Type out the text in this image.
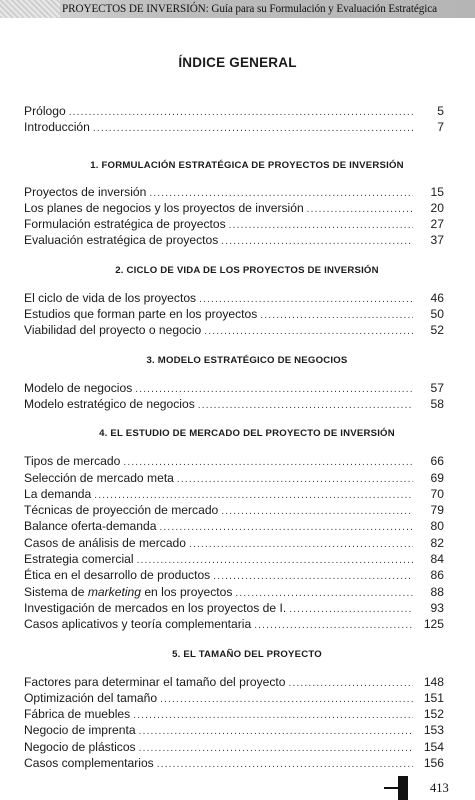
PROYECTOS DE INVERSIÓN: Guía para su Formulación y Evaluación Estratégica
ÍNDICE GENERAL
Prólogo .....	5
Introducción .....	7
1. FORMULACIÓN ESTRATÉGICA DE PROYECTOS DE INVERSIÓN
Proyectos de inversión .....	15
Los planes de negocios y los proyectos de inversión .....	20
Formulación estratégica de proyectos .....	27
Evaluación estratégica de proyectos .....	37
2. CICLO DE VIDA DE LOS PROYECTOS DE INVERSIÓN
El ciclo de vida de los proyectos .....	46
Estudios que forman parte en los proyectos .....	50
Viabilidad del proyecto o negocio .....	52
3. MODELO ESTRATÉGICO DE NEGOCIOS
Modelo de negocios .....	57
Modelo estratégico de negocios .....	58
4. EL ESTUDIO DE MERCADO DEL PROYECTO DE INVERSIÓN
Tipos de mercado .....	66
Selección de mercado meta .....	69
La demanda .....	70
Técnicas de proyección de mercado .....	79
Balance oferta-demanda .....	80
Casos de análisis de mercado .....	82
Estrategia comercial .....	84
Ética en el desarrollo de productos .....	86
Sistema de marketing en los proyectos .....	88
Investigación de mercados en los proyectos de I. .....	93
Casos aplicativos y teoría complementaria .....	125
5. EL TAMAÑO DEL PROYECTO
Factores para determinar el tamaño del proyecto .....	148
Optimización del tamaño .....	151
Fábrica de muebles .....	152
Negocio de imprenta .....	153
Negocio de plásticos .....	154
Casos complementarios .....	156
413
